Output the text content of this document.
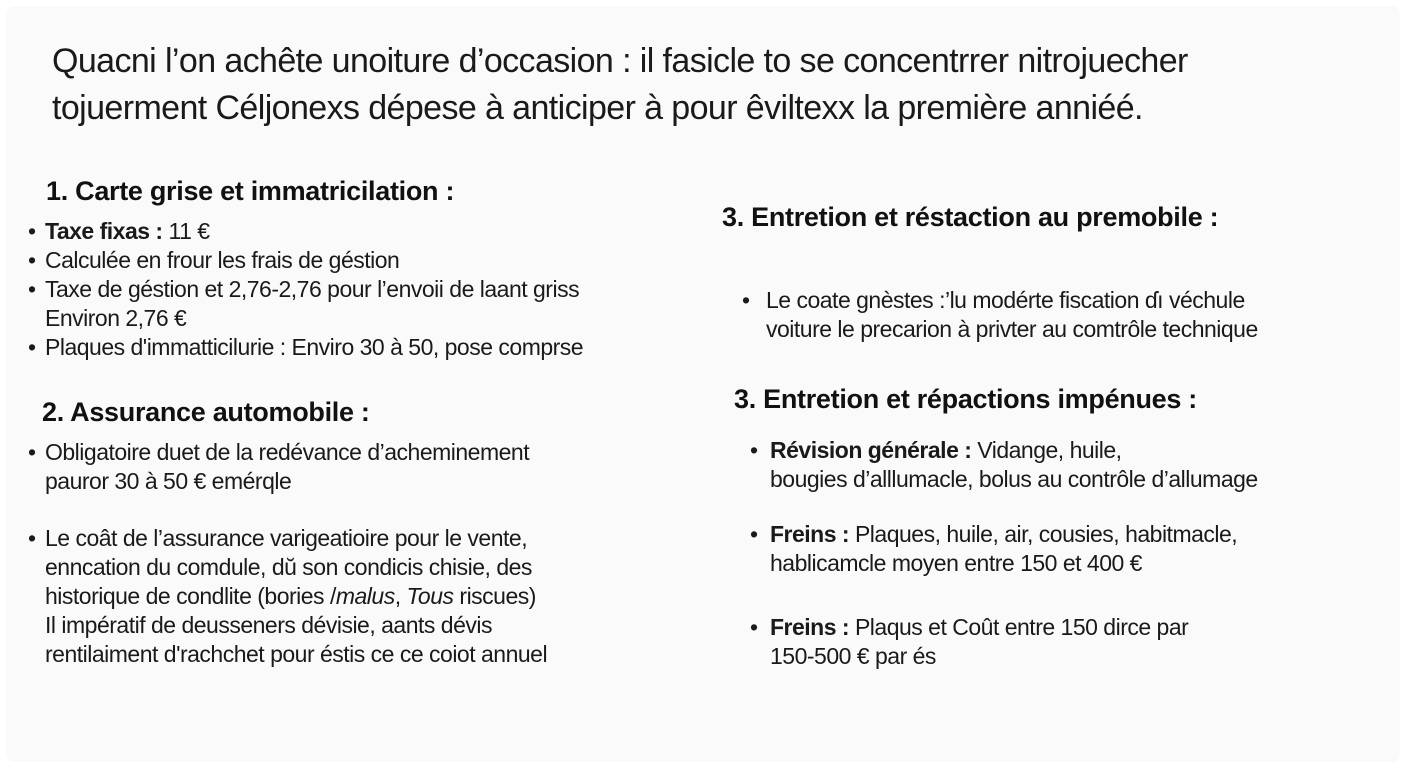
Quacni l’on achête unoiture d’occasion : il fasicle to se concentrrer nitrojuecher
tojuerment Céljonexs dépese à anticiper à pour êviltexx la première anniéé.

1. Carte grise et immatricilation :
• Taxe fixas : 11 €
• Calculée en frour les frais de géstion
• Taxe de géstion et 2,76-2,76 pour l’envoii de laant griss
Environ 2,76 €
• Plaques d'immatticilurie : Enviro 30 à 50, pose comprse
2. Assurance automobile :
• Obligatoire duet de la redévance d’acheminement
pauror 30 à 50 € emérqle
• Le coât de l’assurance varigeatioire pour le vente,
enncation du comdule, dŭ son condicis chisie, des
historique de condlite (bories /malus, Tous riscues)
Il impératif de deusseners dévisie, aants dévis
rentilaiment d'rachchet pour éstis ce ce coiot annuel
3. Entretion et réstaction au premobile :
• Le coate gnèstes :’lu modérte fiscation ɗı véchule
voiture le precarion à privter au comtrôle technique
3. Entretion et répactions impénues :
• Révision générale : Vidange, huile,
bougies d’alllumacle, bolus au contrôle d’allumage
• Freins : Plaques, huile, air, cousies, habitmacle,
hablicamcle moyen entre 150 et 400 €
• Freins : Plaqus et Coût entre 150 dirce par
150-500 € par és
